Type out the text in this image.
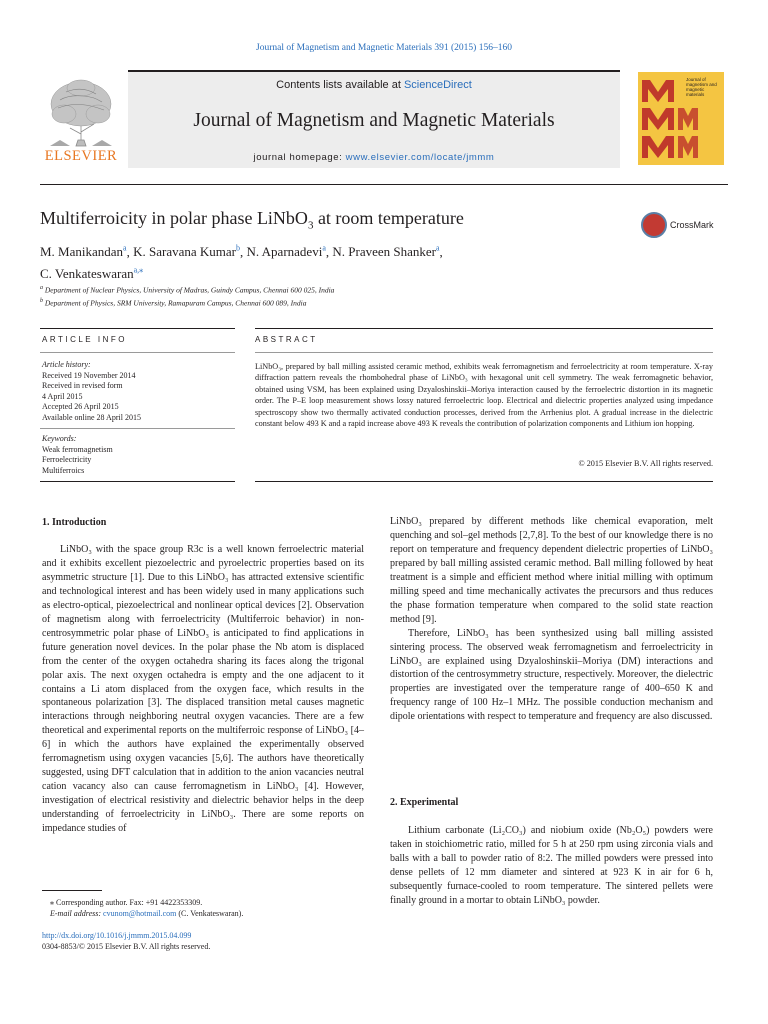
Journal of Magnetism and Magnetic Materials 391 (2015) 156–160
ELSEVIER
Contents lists available at ScienceDirect
Journal of Magnetism and Magnetic Materials
journal homepage: www.elsevier.com/locate/jmmm
Journal of magnetism and magnetic materials
Multiferroicity in polar phase LiNbO$_3$ at room temperature	CrossMark
M. Manikandan$^a$, K. Saravana Kumar$^b$, N. Aparnadevi$^a$, N. Praveen Shanker$^a$,
C. Venkateswaran$^{a,⁎}$
$^a$ Department of Nuclear Physics, University of Madras, Guindy Campus, Chennai 600 025, India
$^b$ Department of Physics, SRM University, Ramapuram Campus, Chennai 600 089, India
ARTICLE INFO	ABSTRACT
Article history:
Received 19 November 2014
Received in revised form
4 April 2015
Accepted 26 April 2015
Available online 28 April 2015
Keywords:
Weak ferromagnetism
Ferroelectricity
Multiferroics
LiNbO₃, prepared by ball milling assisted ceramic method, exhibits weak ferromagnetism and ferroelectricity at room temperature. X-ray diffraction pattern reveals the rhombohedral phase of LiNbO₃ with hexagonal unit cell symmetry. The weak ferromagnetic behavior, obtained using VSM, has been explained using Dzyaloshinskii–Moriya interaction caused by the ferroelectric distortion in its magnetic order. The P–E loop measurement shows lossy natured ferroelectric loop. Electrical and dielectric properties analyzed using impedance spectroscopy show two thermally activated conduction processes, derived from the Arrhenius plot. A gradual increase in the dielectric constant below 493 K and a rapid increase above 493 K reveals the contribution of polarization components and Lithium ion hopping.
© 2015 Elsevier B.V. All rights reserved.
1. Introduction

LiNbO₃ with the space group R3c is a well known ferroelectric material and it exhibits excellent piezoelectric and pyroelectric properties based on its asymmetric structure [1]. Due to this LiNbO₃ has attracted extensive scientific and technological interest and has been widely used in many applications such as electro-optical, piezoelectrical and nonlinear optical devices [2]. Observation of magnetism along with ferroelectricity (Multiferroic behavior) in non-centrosymmetric polar phase of LiNbO₃ is anticipated to find applications in future generation novel devices. In the polar phase the Nb atom is displaced from the center of the oxygen octahedra sharing its faces along the trigonal polar axis. The next oxygen octahedra is empty and the one adjacent to it contains a Li atom displaced from the oxygen face, which results in the spontaneous polarization [3]. The displaced transition metal causes magnetic interactions through neighboring neutral oxygen vacancies. There are a few theoretical and experimental reports on the multiferroic response of LiNbO₃ [4–6] in which the authors have explained the experimentally observed ferromagnetism using oxygen vacancies [5,6]. The authors have theoretically suggested, using DFT calculation that in addition to the anion vacancies neutral cation vacancy also can cause ferromagnetism in LiNbO₃ [4]. However, investigation of electrical resistivity and dielectric behavior helps in the deep understanding of ferroelectricity in LiNbO₃. There are some reports on impedance studies of

LiNbO₃ prepared by different methods like chemical evaporation, melt quenching and sol–gel methods [2,7,8]. To the best of our knowledge there is no report on temperature and frequency dependent dielectric properties of LiNbO₃ prepared by ball milling assisted ceramic method. Ball milling followed by heat treatment is a simple and efficient method where initial milling with optimum milling speed and time mechanically activates the precursors and thus reduces the phase formation temperature when compared to the solid state reaction method [9].

Therefore, LiNbO₃ has been synthesized using ball milling assisted sintering process. The observed weak ferromagnetism and ferroelectricity in LiNbO₃ are explained using Dzyaloshinskii–Moriya (DM) interactions and distortion of the centrosymmetry structure, respectively. Moreover, the dielectric properties are investigated over the temperature range of 400–650 K and frequency range of 100 Hz–1 MHz. The possible conduction mechanism and dipole orientations with respect to temperature and frequency are also discussed.

2. Experimental

Lithium carbonate (Li₂CO₃) and niobium oxide (Nb₂O₅) powders were taken in stoichiometric ratio, milled for 5 h at 250 rpm using zirconia vials and balls with a ball to powder ratio of 8:2. The milled powders were pressed into dense pellets of 12 mm diameter and sintered at 923 K in air for 6 h, subsequently furnace-cooled to room temperature. The sintered pellets were finally ground in a mortar to obtain LiNbO₃ powder.

⁎ Corresponding author. Fax: +91 4422353309.
E-mail address: cvunom@hotmail.com (C. Venkateswaran).
http://dx.doi.org/10.1016/j.jmmm.2015.04.099
0304-8853/© 2015 Elsevier B.V. All rights reserved.
